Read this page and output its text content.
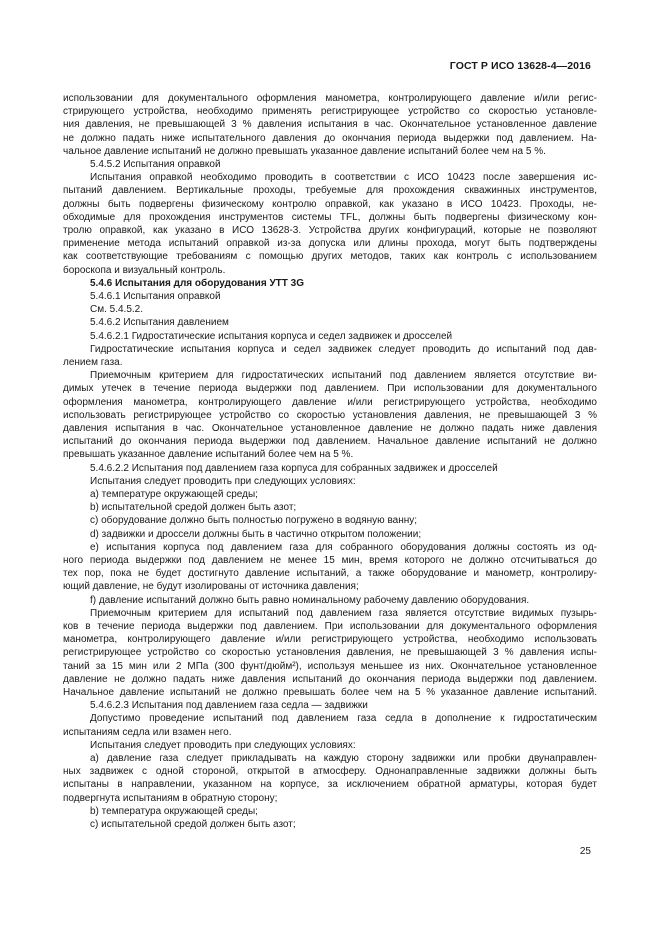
ГОСТ Р ИСО 13628-4—2016
использовании для документального оформления манометра, контролирующего давление и/или регис-
стрирующего устройства, необходимо применять регистрирующее устройство со скоростью установле-
ния давления, не превышающей 3 % давления испытания в час. Окончательное установленное давление
не должно падать ниже испытательного давления до окончания периода выдержки под давлением. На-
чальное давление испытаний не должно превышать указанное давление испытаний более чем на 5 %.
5.4.5.2 Испытания оправкой
Испытания оправкой необходимо проводить в соответствии с ИСО 10423 после завершения ис-
пытаний давлением. Вертикальные проходы, требуемые для прохождения скважинных инструментов,
должны быть подвергены физическому контролю оправкой, как указано в ИСО 10423. Проходы, не-
обходимые для прохождения инструментов системы TFL, должны быть подвергены физическому кон-
тролю оправкой, как указано в ИСО 13628-3. Устройства других конфигураций, которые не позволяют
применение метода испытаний оправкой из-за допуска или длины прохода, могут быть подтверждены
как соответствующие требованиям с помощью других методов, таких как контроль с использованием
бороскопа и визуальный контроль.
5.4.6 Испытания для оборудования УТТ 3G
5.4.6.1 Испытания оправкой
См. 5.4.5.2.
5.4.6.2 Испытания давлением
5.4.6.2.1 Гидростатические испытания корпуса и седел задвижек и дросселей
Гидростатические испытания корпуса и седел задвижек следует проводить до испытаний под дав-
лением газа.
Приемочным критерием для гидростатических испытаний под давлением является отсутствие ви-
димых утечек в течение периода выдержки под давлением. При использовании для документального
оформления манометра, контролирующего давление и/или регистрирующего устройства, необходимо
использовать регистрирующее устройство со скоростью установления давления, не превышающей 3 %
давления испытания в час. Окончательное установленное давление не должно падать ниже давления
испытаний до окончания периода выдержки под давлением. Начальное давление испытаний не должно
превышать указанное давление испытаний более чем на 5 %.
5.4.6.2.2 Испытания под давлением газа корпуса для собранных задвижек и дросселей
Испытания следует проводить при следующих условиях:
a) температуре окружающей среды;
b) испытательной средой должен быть азот;
c) оборудование должно быть полностью погружено в водяную ванну;
d) задвижки и дроссели должны быть в частично открытом положении;
e) испытания корпуса под давлением газа для собранного оборудования должны состоять из од-
ного периода выдержки под давлением не менее 15 мин, время которого не должно отсчитываться до
тех пор, пока не будет достигнуто давление испытаний, а также оборудование и манометр, контролиру-
ющий давление, не будут изолированы от источника давления;
f) давление испытаний должно быть равно номинальному рабочему давлению оборудования.
Приемочным критерием для испытаний под давлением газа является отсутствие видимых пузырь-
ков в течение периода выдержки под давлением. При использовании для документального оформления
манометра, контролирующего давление и/или регистрирующего устройства, необходимо использовать
регистрирующее устройство со скоростью установления давления, не превышающей 3 % давления испы-
таний за 15 мин или 2 МПа (300 фунт/дюйм²), используя меньшее из них. Окончательное установленное
давление не должно падать ниже давления испытаний до окончания периода выдержки под давлением.
Начальное давление испытаний не должно превышать более чем на 5 % указанное давление испытаний.
5.4.6.2.3 Испытания под давлением газа седла — задвижки
Допустимо проведение испытаний под давлением газа седла в дополнение к гидростатическим
испытаниям седла или взамен него.
Испытания следует проводить при следующих условиях:
a) давление газа следует прикладывать на каждую сторону задвижки или пробки двунаправлен-
ных задвижек с одной стороной, открытой в атмосферу. Однонаправленные задвижки должны быть
испытаны в направлении, указанном на корпусе, за исключением обратной арматуры, которая будет
подвергнута испытаниям в обратную сторону;
b) температура окружающей среды;
c) испытательной средой должен быть азот;
25
